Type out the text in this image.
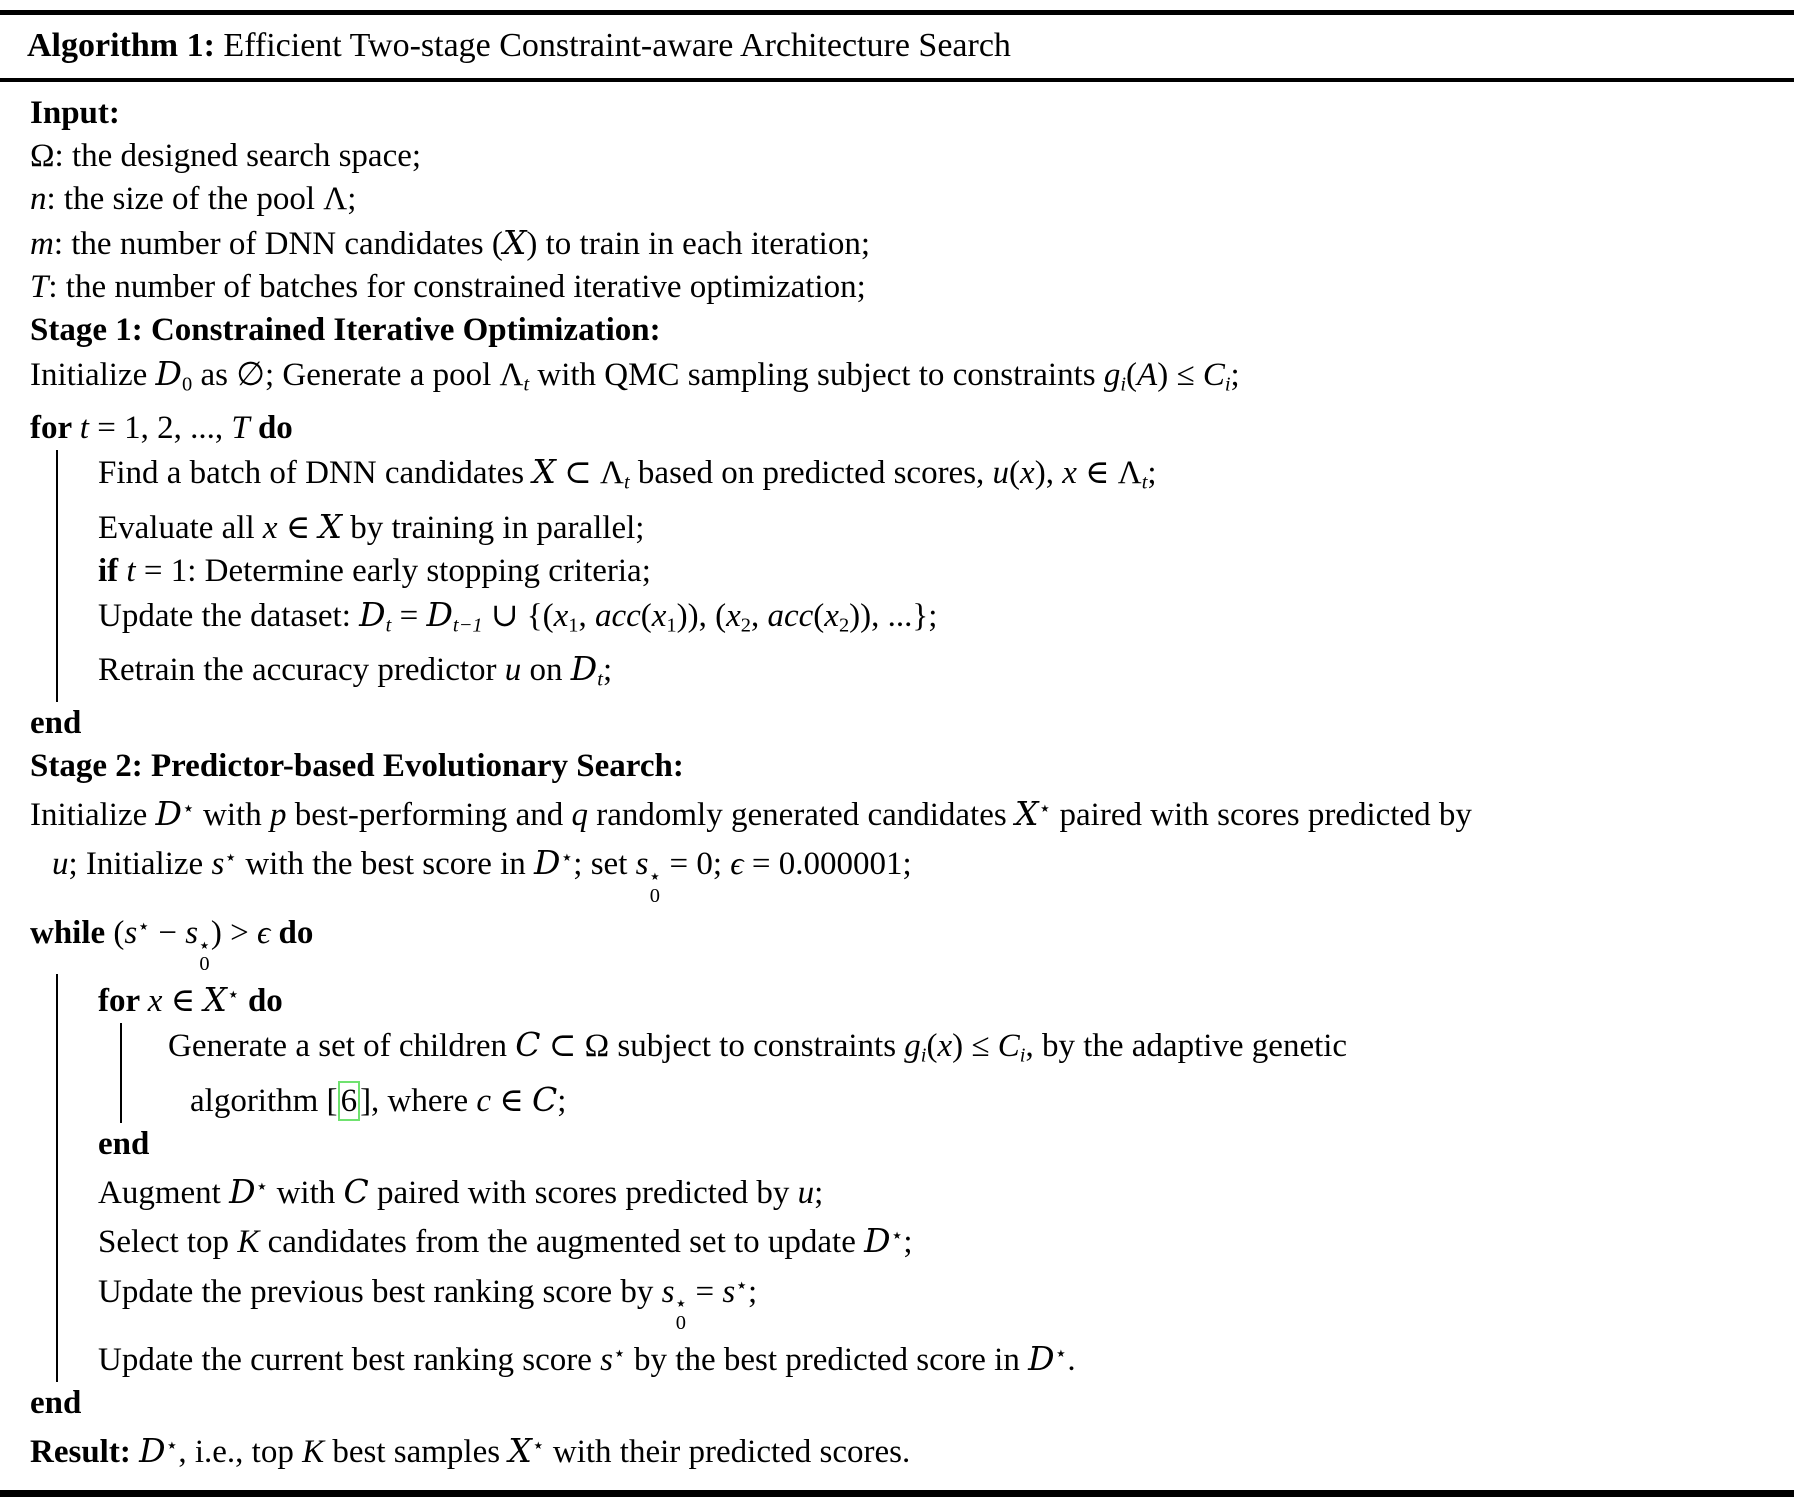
Algorithm 1: Efficient Two-stage Constraint-aware Architecture Search
Input:
Ω: the designed search space;
n: the size of the pool Λ;
m: the number of DNN candidates (X) to train in each iteration;
T: the number of batches for constrained iterative optimization;
Stage 1: Constrained Iterative Optimization:
Initialize $D_0$ as ∅; Generate a pool $\Lambda_t$ with QMC sampling subject to constraints $g_i(A) \le C_i$;
for t = 1, 2, ..., T do
Find a batch of DNN candidates X ⊂ $\Lambda_t$ based on predicted scores, u(x), x ∈ $\Lambda_t$;
Evaluate all x ∈ X by training in parallel;
if t = 1: Determine early stopping criteria;
Update the dataset: $D_t = D_{t-1}$ ∪ {($x_1$, $acc(x_1)$), ($x_2$, $acc(x_2)$), ...};
Retrain the accuracy predictor u on $D_t$;
end
Stage 2: Predictor-based Evolutionary Search:
Initialize D⋆ with p best-performing and q randomly generated candidates X⋆ paired with scores predicted by
u; Initialize s⋆ with the best score in D⋆; set s ⋆
0
= 0; ϵ = 0.000001;
while (s⋆ − s ⋆
0
) > ϵ do
for x ∈ X⋆ do
Generate a set of children C ⊂ Ω subject to constraints $g_i(x) \le C_i$, by the adaptive genetic
algorithm [6], where c ∈ C;
end
Augment D⋆ with C paired with scores predicted by u;
Select top K candidates from the augmented set to update D⋆;
Update the previous best ranking score by s ⋆
0
= s⋆;
Update the current best ranking score s⋆ by the best predicted score in D⋆.
end
Result: D⋆, i.e., top K best samples X⋆ with their predicted scores.
